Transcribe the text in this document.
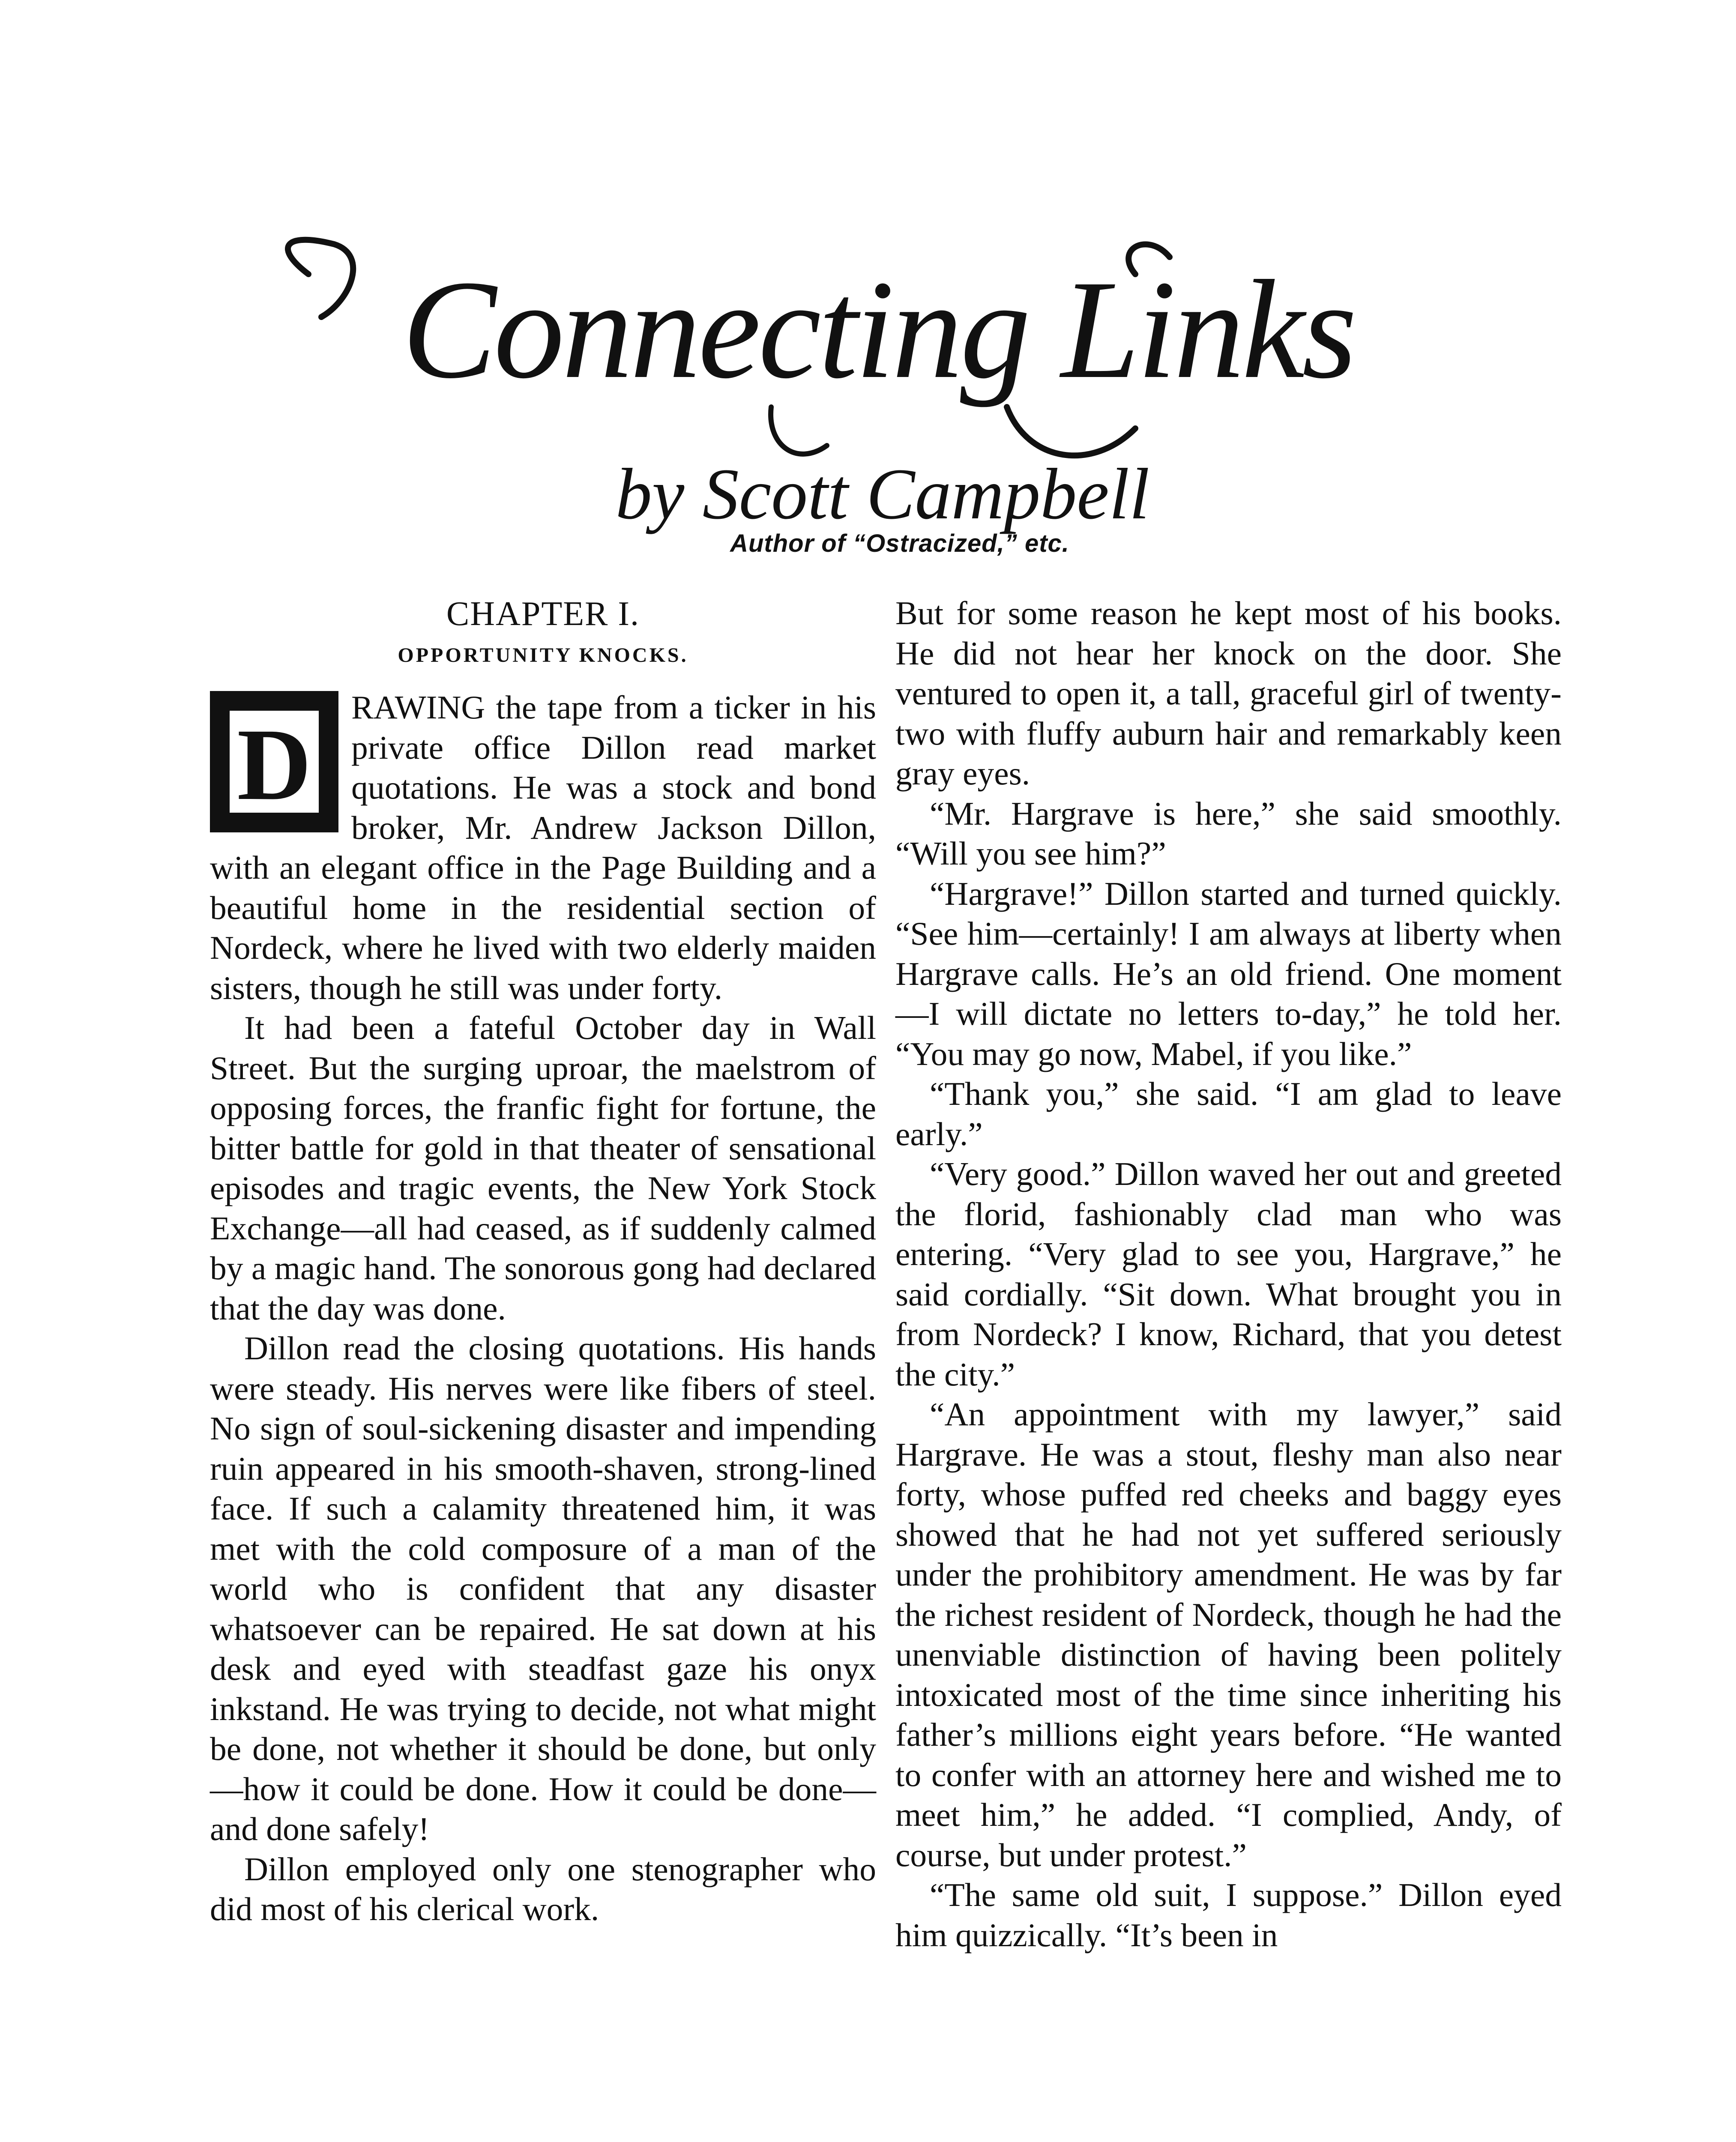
Connecting Links
by Scott Campbell
Author of “Ostracized,” etc.
CHAPTER I.
OPPORTUNITY KNOCKS.
D	RAWING the tape from a ticker in his private office Dillon read market quotations. He was a stock and bond broker, Mr. Andrew Jackson Dillon, with an elegant office in the Page Building and a beautiful home in the residential section of Nordeck, where he lived with two elderly maiden sisters, though he still was under forty.

It had been a fateful October day in Wall Street. But the surging uproar, the maelstrom of opposing forces, the franfic fight for fortune, the bitter battle for gold in that theater of sensational episodes and tragic events, the New York Stock Exchange—all had ceased, as if suddenly calmed by a magic hand. The sonorous gong had declared that the day was done.

Dillon read the closing quotations. His hands were steady. His nerves were like fibers of steel. No sign of soul-sickening disaster and impending ruin appeared in his smooth-shaven, strong-lined face. If such a calamity threatened him, it was met with the cold composure of a man of the world who is confident that any disaster whatsoever can be repaired. He sat down at his desk and eyed with steadfast gaze his onyx inkstand. He was trying to decide, not what might be done, not whether it should be done, but only—how it could be done. How it could be done—and done safely!

Dillon employed only one stenographer who did most of his clerical work.

But for some reason he kept most of his books. He did not hear her knock on the door. She ventured to open it, a tall, graceful girl of twenty-two with fluffy auburn hair and remarkably keen gray eyes.

“Mr. Hargrave is here,” she said smoothly. “Will you see him?”

“Hargrave!” Dillon started and turned quickly. “See him—certainly! I am always at liberty when Hargrave calls. He’s an old friend. One moment—I will dictate no letters to-day,” he told her. “You may go now, Mabel, if you like.”

“Thank you,” she said. “I am glad to leave early.”

“Very good.” Dillon waved her out and greeted the florid, fashionably clad man who was entering. “Very glad to see you, Hargrave,” he said cordially. “Sit down. What brought you in from Nordeck? I know, Richard, that you detest the city.”

“An appointment with my lawyer,” said Hargrave. He was a stout, fleshy man also near forty, whose puffed red cheeks and baggy eyes showed that he had not yet suffered seriously under the prohibitory amendment. He was by far the richest resident of Nordeck, though he had the unenviable distinction of having been politely intoxicated most of the time since inheriting his father’s millions eight years before. “He wanted to confer with an attorney here and wished me to meet him,” he added. “I complied, Andy, of course, but under protest.”

“The same old suit, I suppose.” Dillon eyed him quizzically. “It’s been in
